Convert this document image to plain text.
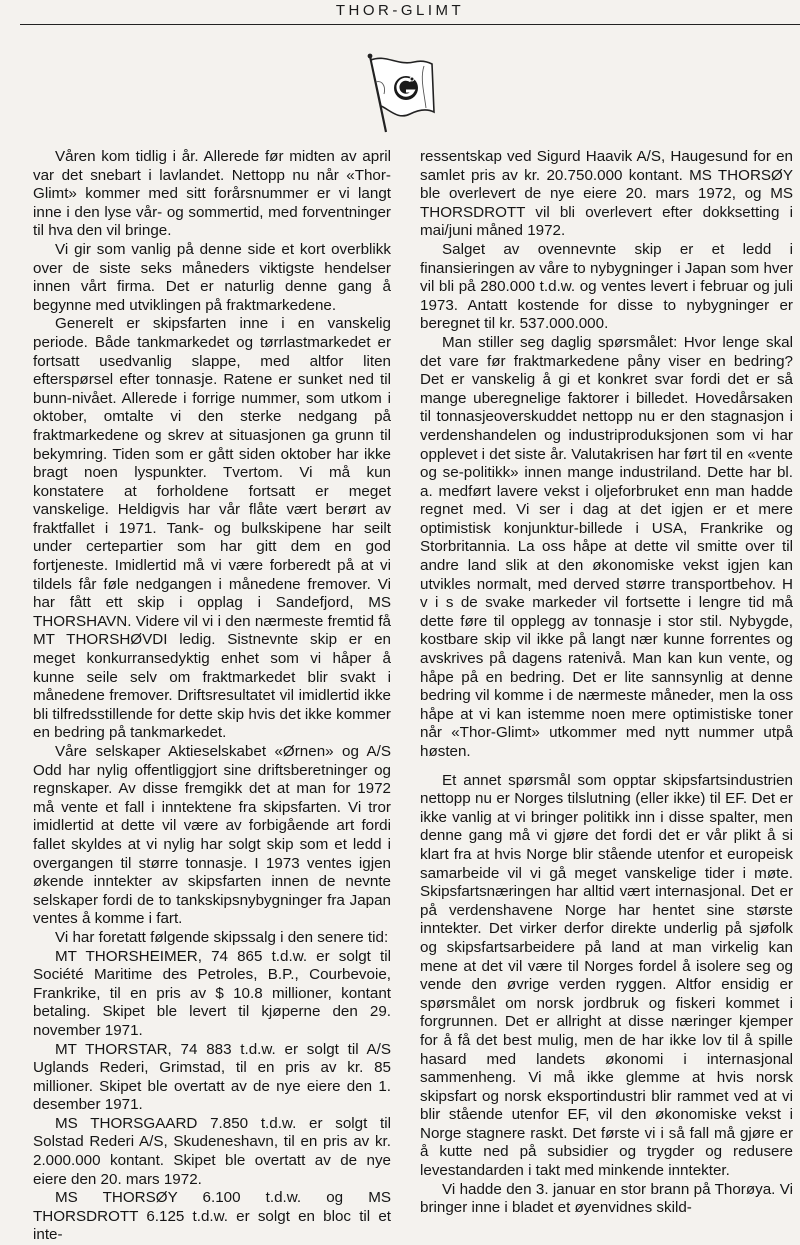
THOR-GLIMT

Våren kom tidlig i år. Allerede før midten av april var det snebart i lavlandet. Nettopp nu når «Thor-Glimt» kommer med sitt forårsnummer er vi langt inne i den lyse vår- og sommertid, med forventninger til hva den vil bringe.

Vi gir som vanlig på denne side et kort overblikk over de siste seks måneders viktigste hendelser innen vårt firma. Det er naturlig denne gang å begynne med utviklingen på fraktmarkedene.

Generelt er skipsfarten inne i en vanskelig periode. Både tankmarkedet og tørrlastmarkedet er fortsatt usedvanlig slappe, med altfor liten efterspørsel efter tonnasje. Ratene er sunket ned til bunn-nivået. Allerede i forrige nummer, som utkom i oktober, omtalte vi den sterke nedgang på fraktmarkedene og skrev at situasjonen ga grunn til bekymring. Tiden som er gått siden oktober har ikke bragt noen lyspunkter. Tvertom. Vi må kun konstatere at forholdene fortsatt er meget vanskelige. Heldigvis har vår flåte vært berørt av fraktfallet i 1971. Tank- og bulkskipene har seilt under certepartier som har gitt dem en god fortjeneste. Imidlertid må vi være forberedt på at vi tildels får føle nedgangen i månedene fremover. Vi har fått ett skip i opplag i Sandefjord, MS THORSHAVN. Videre vil vi i den nærmeste fremtid få MT THORSHØVDI ledig. Sistnevnte skip er en meget konkurransedyktig enhet som vi håper å kunne seile selv om fraktmarkedet blir svakt i månedene fremover. Driftsresultatet vil imidlertid ikke bli tilfredsstillende for dette skip hvis det ikke kommer en bedring på tankmarkedet.

Våre selskaper Aktieselskabet «Ørnen» og A/S Odd har nylig offentliggjort sine driftsberetninger og regnskaper. Av disse fremgikk det at man for 1972 må vente et fall i inntektene fra skipsfarten. Vi tror imidlertid at dette vil være av forbigående art fordi fallet skyldes at vi nylig har solgt skip som et ledd i overgangen til større tonnasje. I 1973 ventes igjen økende inntekter av skipsfarten innen de nevnte selskaper fordi de to tankskipsnybygninger fra Japan ventes å komme i fart.

Vi har foretatt følgende skipssalg i den senere tid:

MT THORSHEIMER, 74 865 t.d.w. er solgt til Société Maritime des Petroles, B.P., Courbevoie, Frankrike, til en pris av $ 10.8 millioner, kontant betaling. Skipet ble levert til kjøperne den 29. november 1971.

MT THORSTAR, 74 883 t.d.w. er solgt til A/S Uglands Rederi, Grimstad, til en pris av kr. 85 millioner. Skipet ble overtatt av de nye eiere den 1. desember 1971.

MS THORSGAARD 7.850 t.d.w. er solgt til Solstad Rederi A/S, Skudeneshavn, til en pris av kr. 2.000.000 kontant. Skipet ble overtatt av de nye eiere den 20. mars 1972.

MS THORSØY 6.100 t.d.w. og MS THORSDROTT 6.125 t.d.w. er solgt en bloc til et inte-

ressentskap ved Sigurd Haavik A/S, Haugesund for en samlet pris av kr. 20.750.000 kontant. MS THORSØY ble overlevert de nye eiere 20. mars 1972, og MS THORSDROTT vil bli overlevert efter dokksetting i mai/juni måned 1972.

Salget av ovennevnte skip er et ledd i finansieringen av våre to nybygninger i Japan som hver vil bli på 280.000 t.d.w. og ventes levert i februar og juli 1973. Antatt kostende for disse to nybygninger er beregnet til kr. 537.000.000.

Man stiller seg daglig spørsmålet: Hvor lenge skal det vare før fraktmarkedene påny viser en bedring? Det er vanskelig å gi et konkret svar fordi det er så mange uberegnelige faktorer i billedet. Hovedårsaken til tonnasjeoverskuddet nettopp nu er den stagnasjon i verdenshandelen og industriproduksjonen som vi har opplevet i det siste år. Valutakrisen har ført til en «vente og se-politikk» innen mange industriland. Dette har bl. a. medført lavere vekst i oljeforbruket enn man hadde regnet med. Vi ser i dag at det igjen er et mere optimistisk konjunktur-billede i USA, Frankrike og Storbritannia. La oss håpe at dette vil smitte over til andre land slik at den økonomiske vekst igjen kan utvikles normalt, med derved større transportbehov. H v i s de svake markeder vil fortsette i lengre tid må dette føre til opplegg av tonnasje i stor stil. Nybygde, kostbare skip vil ikke på langt nær kunne forrentes og avskrives på dagens ratenivå. Man kan kun vente, og håpe på en bedring. Det er lite sannsynlig at denne bedring vil komme i de nærmeste måneder, men la oss håpe at vi kan istemme noen mere optimistiske toner når «Thor-Glimt» utkommer med nytt nummer utpå høsten.

Et annet spørsmål som opptar skipsfartsindustrien nettopp nu er Norges tilslutning (eller ikke) til EF. Det er ikke vanlig at vi bringer politikk inn i disse spalter, men denne gang må vi gjøre det fordi det er vår plikt å si klart fra at hvis Norge blir stående utenfor et europeisk samarbeide vil vi gå meget vanskelige tider i møte. Skipsfartsnæringen har alltid vært internasjonal. Det er på verdenshavene Norge har hentet sine største inntekter. Det virker derfor direkte underlig på sjøfolk og skipsfartsarbeidere på land at man virkelig kan mene at det vil være til Norges fordel å isolere seg og vende den øvrige verden ryggen. Altfor ensidig er spørsmålet om norsk jordbruk og fiskeri kommet i forgrunnen. Det er allright at disse næringer kjemper for å få det best mulig, men de har ikke lov til å spille hasard med landets økonomi i internasjonal sammenheng. Vi må ikke glemme at hvis norsk skipsfart og norsk eksportindustri blir rammet ved at vi blir stående utenfor EF, vil den økonomiske vekst i Norge stagnere raskt. Det første vi i så fall må gjøre er å kutte ned på subsidier og trygder og redusere levestandarden i takt med minkende inntekter.

Vi hadde den 3. januar en stor brann på Thorøya. Vi bringer inne i bladet et øyenvidnes skild-
